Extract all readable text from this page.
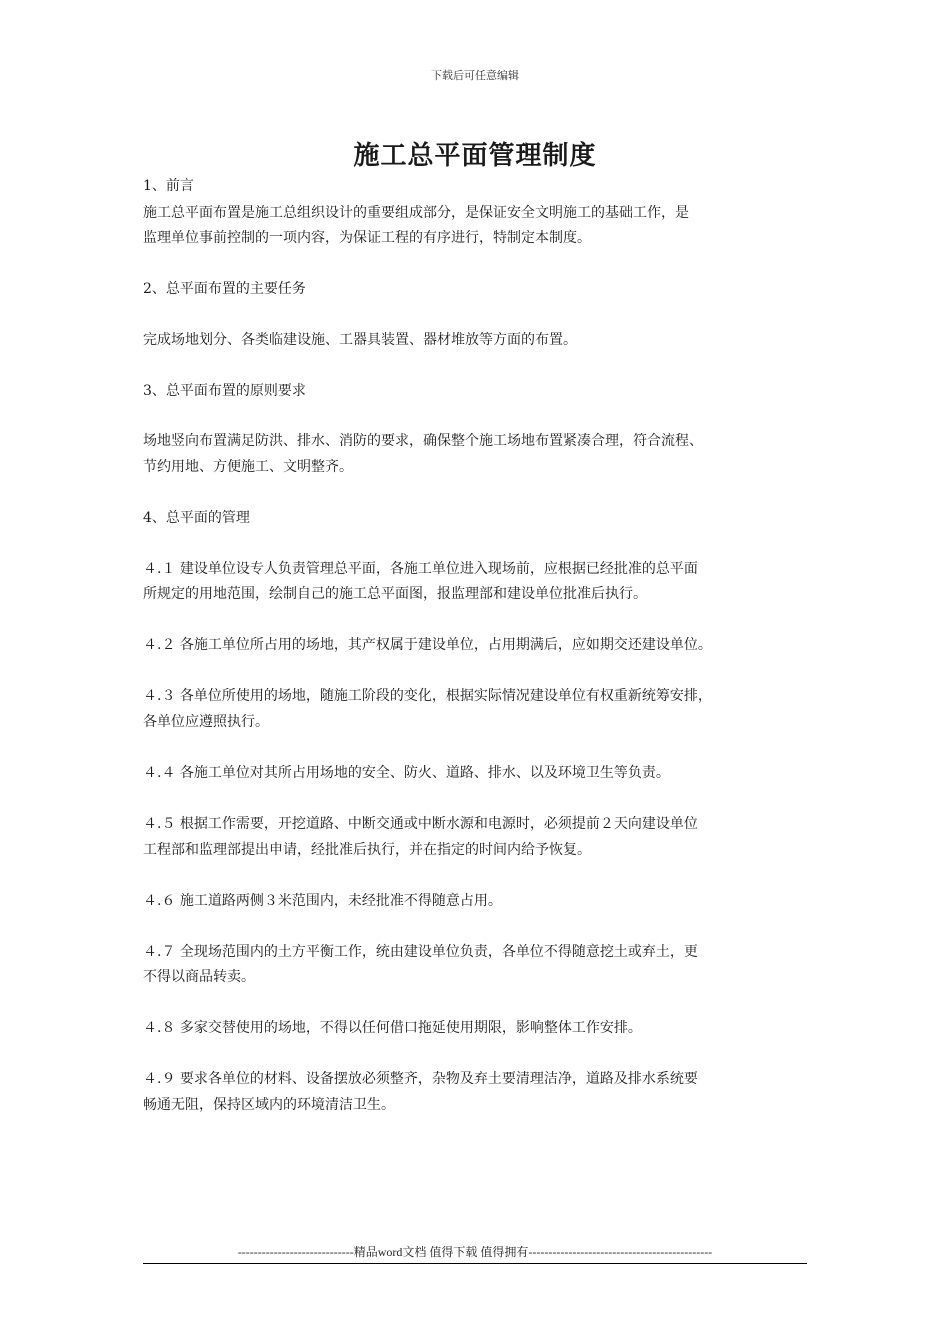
下载后可任意编辑
施工总平面管理制度
1、前言
施工总平面布置是施工总组织设计的重要组成部分，是保证安全文明施工的基础工作，是
监理单位事前控制的一项内容，为保证工程的有序进行，特制定本制度。
2、总平面布置的主要任务
完成场地划分、各类临建设施、工器具装置、器材堆放等方面的布置。
3、总平面布置的原则要求
场地竖向布置满足防洪、排水、消防的要求，确保整个施工场地布置紧凑合理，符合流程、
节约用地、方便施工、文明整齐。
4、总平面的管理
４.１ 建设单位设专人负责管理总平面，各施工单位进入现场前，应根据已经批准的总平面
所规定的用地范围，绘制自己的施工总平面图，报监理部和建设单位批准后执行。
４.２ 各施工单位所占用的场地，其产权属于建设单位，占用期满后，应如期交还建设单位。
４.３ 各单位所使用的场地，随施工阶段的变化，根据实际情况建设单位有权重新统筹安排，
各单位应遵照执行。
４.４ 各施工单位对其所占用场地的安全、防火、道路、排水、以及环境卫生等负责。
４.５ 根据工作需要，开挖道路、中断交通或中断水源和电源时，必须提前２天向建设单位
工程部和监理部提出申请，经批准后执行，并在指定的时间内给予恢复。
４.６ 施工道路两侧３米范围内，未经批准不得随意占用。
４.７ 全现场范围内的土方平衡工作，统由建设单位负责，各单位不得随意挖土或弃土，更
不得以商品转卖。
４.８ 多家交替使用的场地，不得以任何借口拖延使用期限，影响整体工作安排。
４.９ 要求各单位的材料、设备摆放必须整齐，杂物及弃土要清理洁净，道路及排水系统要
畅通无阻，保持区域内的环境清洁卫生。
-----------------------------精品word文档 值得下载 值得拥有----------------------------------------------
